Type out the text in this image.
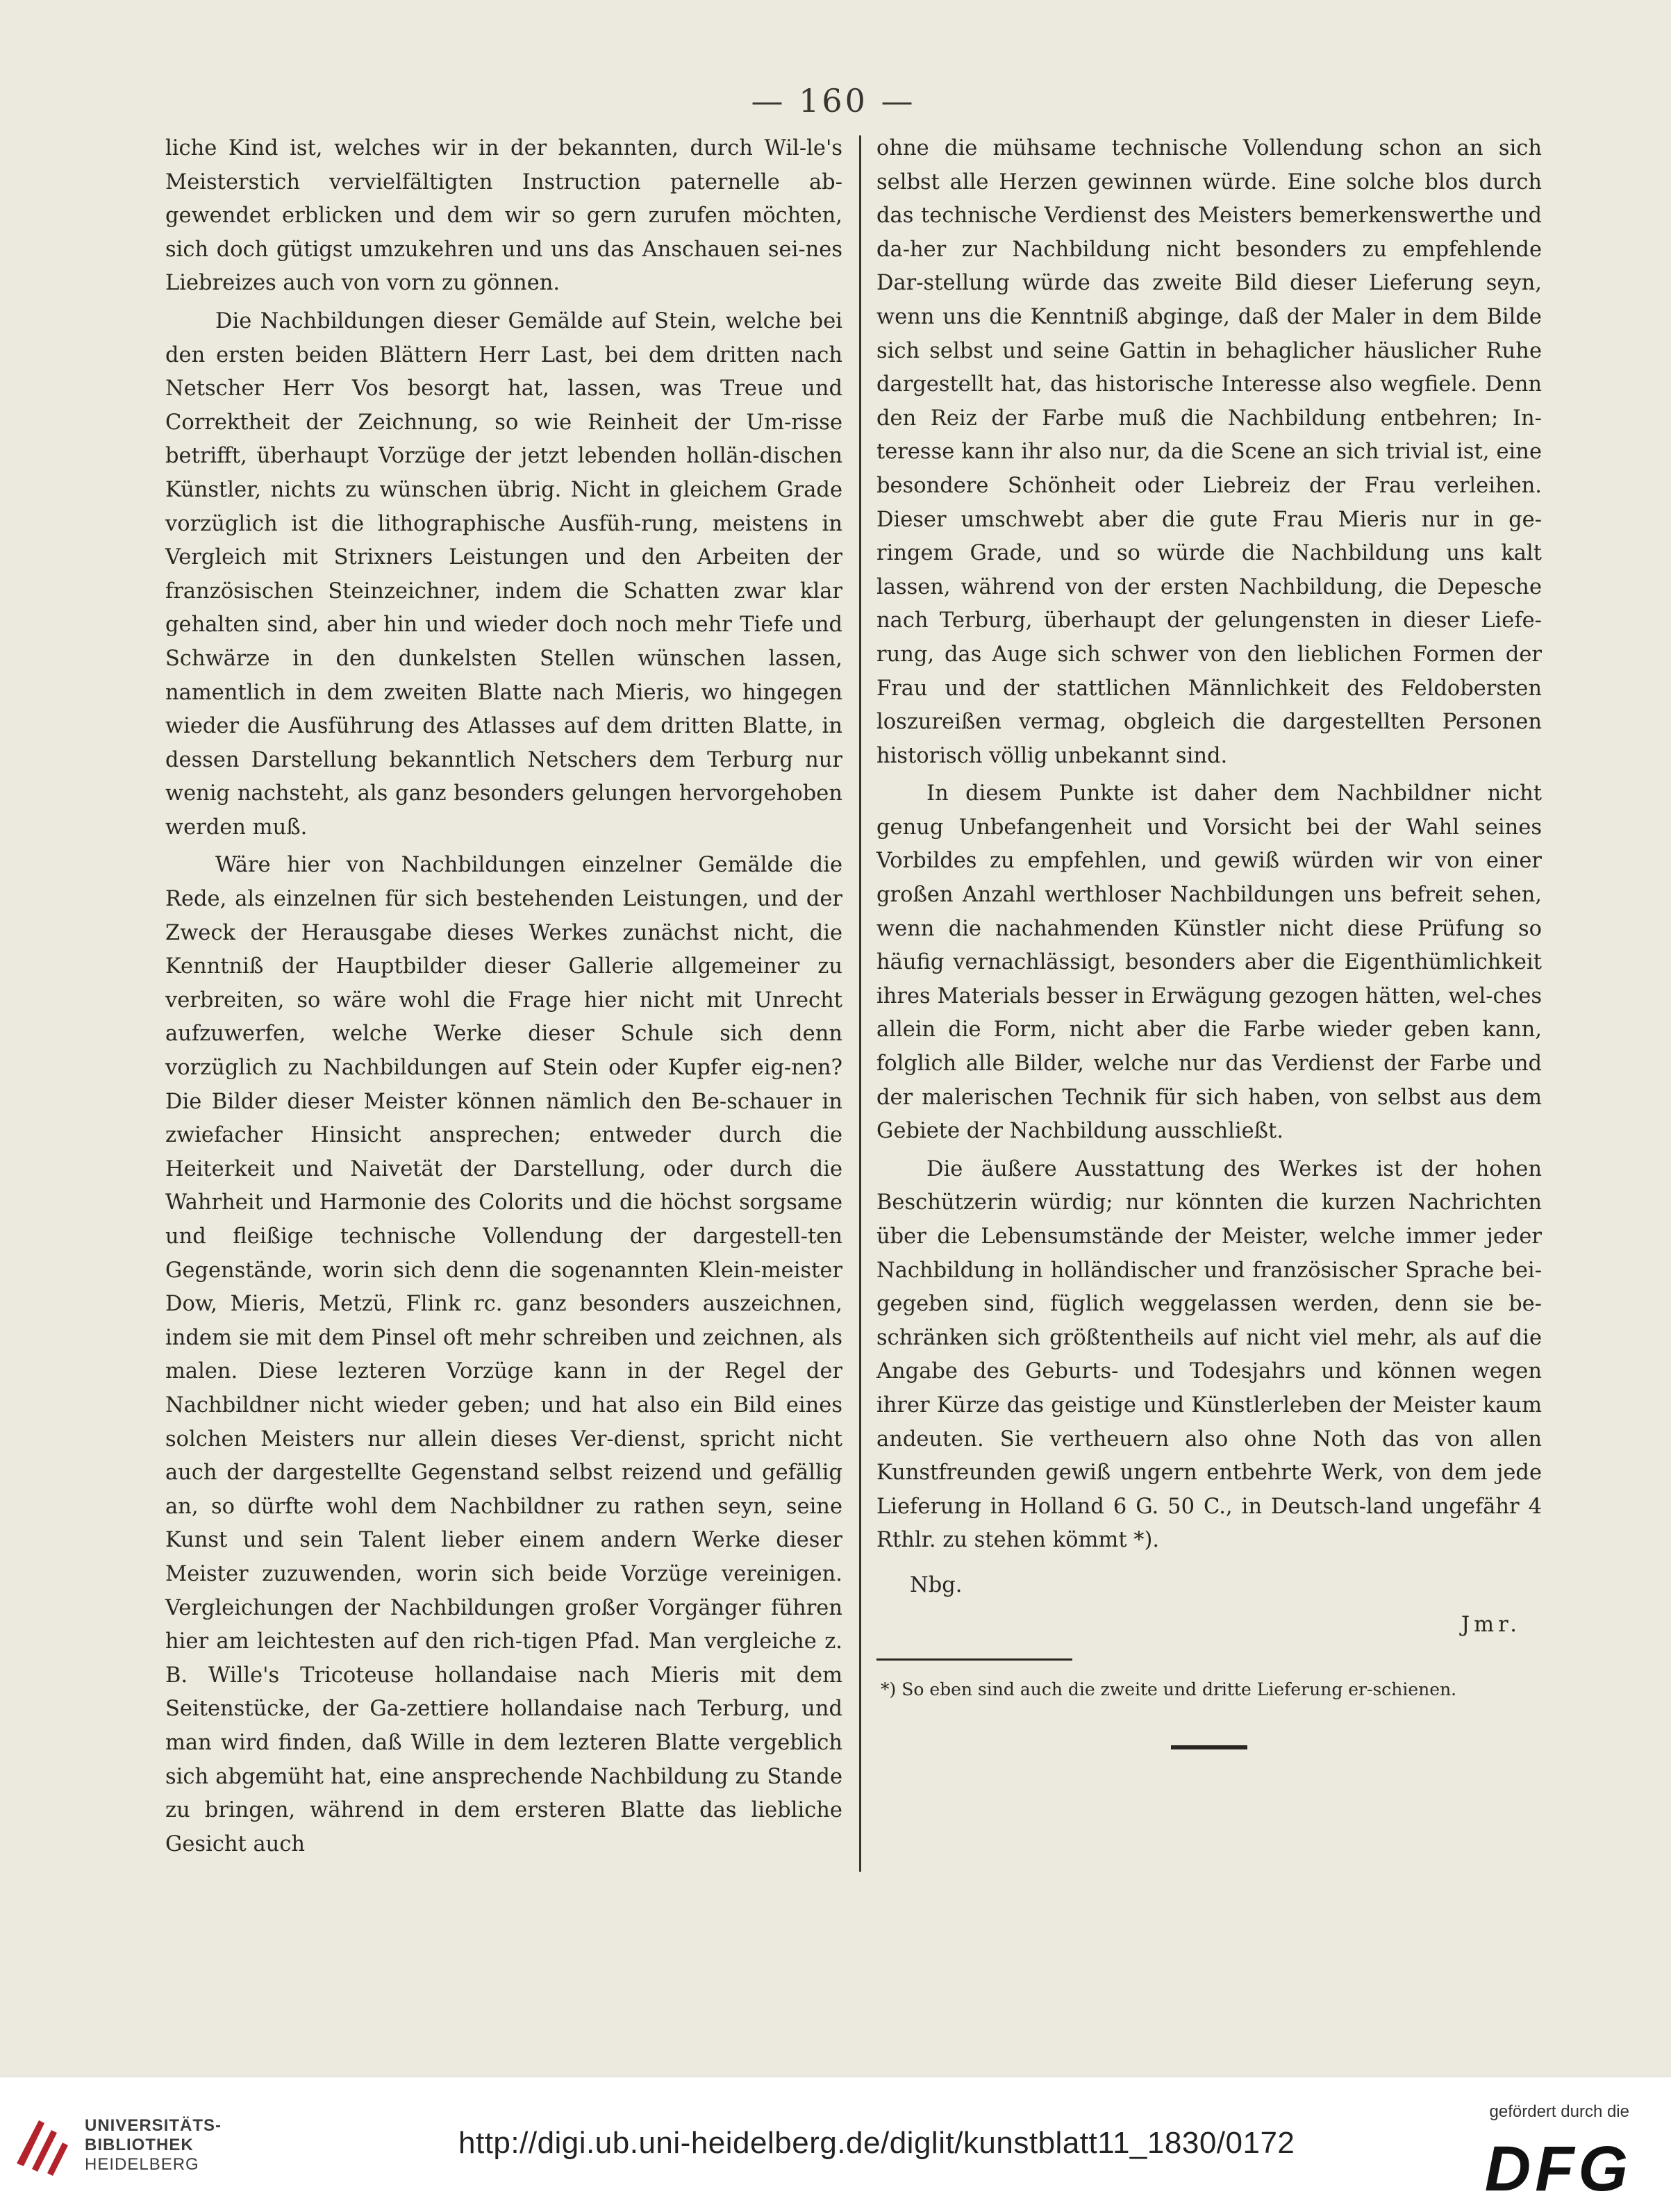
— 160 —

liche Kind ist, welches wir in der bekannten, durch Wil-le's Meisterstich vervielfältigten Instruction paternelle ab-gewendet erblicken und dem wir so gern zurufen möchten, sich doch gütigst umzukehren und uns das Anschauen sei-nes Liebreizes auch von vorn zu gönnen.

Die Nachbildungen dieser Gemälde auf Stein, welche bei den ersten beiden Blättern Herr Last, bei dem dritten nach Netscher Herr Vos besorgt hat, lassen, was Treue und Correktheit der Zeichnung, so wie Reinheit der Um-risse betrifft, überhaupt Vorzüge der jetzt lebenden hollän-dischen Künstler, nichts zu wünschen übrig. Nicht in gleichem Grade vorzüglich ist die lithographische Ausfüh-rung, meistens in Vergleich mit Strixners Leistungen und den Arbeiten der französischen Steinzeichner, indem die Schatten zwar klar gehalten sind, aber hin und wieder doch noch mehr Tiefe und Schwärze in den dunkelsten Stellen wünschen lassen, namentlich in dem zweiten Blatte nach Mieris, wo hingegen wieder die Ausführung des Atlasses auf dem dritten Blatte, in dessen Darstellung bekanntlich Netschers dem Terburg nur wenig nachsteht, als ganz besonders gelungen hervorgehoben werden muß.

Wäre hier von Nachbildungen einzelner Gemälde die Rede, als einzelnen für sich bestehenden Leistungen, und der Zweck der Herausgabe dieses Werkes zunächst nicht, die Kenntniß der Hauptbilder dieser Gallerie allgemeiner zu verbreiten, so wäre wohl die Frage hier nicht mit Unrecht aufzuwerfen, welche Werke dieser Schule sich denn vorzüglich zu Nachbildungen auf Stein oder Kupfer eig-nen? Die Bilder dieser Meister können nämlich den Be-schauer in zwiefacher Hinsicht ansprechen; entweder durch die Heiterkeit und Naivetät der Darstellung, oder durch die Wahrheit und Harmonie des Colorits und die höchst sorgsame und fleißige technische Vollendung der dargestell-ten Gegenstände, worin sich denn die sogenannten Klein-meister Dow, Mieris, Metzü, Flink rc. ganz besonders auszeichnen, indem sie mit dem Pinsel oft mehr schreiben und zeichnen, als malen. Diese lezteren Vorzüge kann in der Regel der Nachbildner nicht wieder geben; und hat also ein Bild eines solchen Meisters nur allein dieses Ver-dienst, spricht nicht auch der dargestellte Gegenstand selbst reizend und gefällig an, so dürfte wohl dem Nachbildner zu rathen seyn, seine Kunst und sein Talent lieber einem andern Werke dieser Meister zuzuwenden, worin sich beide Vorzüge vereinigen. Vergleichungen der Nachbildungen großer Vorgänger führen hier am leichtesten auf den rich-tigen Pfad. Man vergleiche z. B. Wille's Tricoteuse hollandaise nach Mieris mit dem Seitenstücke, der Ga-zettiere hollandaise nach Terburg, und man wird finden, daß Wille in dem lezteren Blatte vergeblich sich abgemüht hat, eine ansprechende Nachbildung zu Stande zu bringen, während in dem ersteren Blatte das liebliche Gesicht auch

ohne die mühsame technische Vollendung schon an sich selbst alle Herzen gewinnen würde. Eine solche blos durch das technische Verdienst des Meisters bemerkenswerthe und da-her zur Nachbildung nicht besonders zu empfehlende Dar-stellung würde das zweite Bild dieser Lieferung seyn, wenn uns die Kenntniß abginge, daß der Maler in dem Bilde sich selbst und seine Gattin in behaglicher häuslicher Ruhe dargestellt hat, das historische Interesse also wegfiele. Denn den Reiz der Farbe muß die Nachbildung entbehren; In-teresse kann ihr also nur, da die Scene an sich trivial ist, eine besondere Schönheit oder Liebreiz der Frau verleihen. Dieser umschwebt aber die gute Frau Mieris nur in ge-ringem Grade, und so würde die Nachbildung uns kalt lassen, während von der ersten Nachbildung, die Depesche nach Terburg, überhaupt der gelungensten in dieser Liefe-rung, das Auge sich schwer von den lieblichen Formen der Frau und der stattlichen Männlichkeit des Feldobersten loszureißen vermag, obgleich die dargestellten Personen historisch völlig unbekannt sind.

In diesem Punkte ist daher dem Nachbildner nicht genug Unbefangenheit und Vorsicht bei der Wahl seines Vorbildes zu empfehlen, und gewiß würden wir von einer großen Anzahl werthloser Nachbildungen uns befreit sehen, wenn die nachahmenden Künstler nicht diese Prüfung so häufig vernachlässigt, besonders aber die Eigenthümlichkeit ihres Materials besser in Erwägung gezogen hätten, wel-ches allein die Form, nicht aber die Farbe wieder geben kann, folglich alle Bilder, welche nur das Verdienst der Farbe und der malerischen Technik für sich haben, von selbst aus dem Gebiete der Nachbildung ausschließt.

Die äußere Ausstattung des Werkes ist der hohen Beschützerin würdig; nur könnten die kurzen Nachrichten über die Lebensumstände der Meister, welche immer jeder Nachbildung in holländischer und französischer Sprache bei-gegeben sind, füglich weggelassen werden, denn sie be-schränken sich größtentheils auf nicht viel mehr, als auf die Angabe des Geburts- und Todesjahrs und können wegen ihrer Kürze das geistige und Künstlerleben der Meister kaum andeuten. Sie vertheuern also ohne Noth das von allen Kunstfreunden gewiß ungern entbehrte Werk, von dem jede Lieferung in Holland 6 G. 50 C., in Deutsch-land ungefähr 4 Rthlr. zu stehen kömmt *).

Nbg.
Jmr.
*) So eben sind auch die zweite und dritte Lieferung er-schienen.
UNIVERSITÄTS-
BIBLIOTHEK
HEIDELBERG
http://digi.ub.uni-heidelberg.de/diglit/kunstblatt11_1830/0172
gefördert durch die
DFG
